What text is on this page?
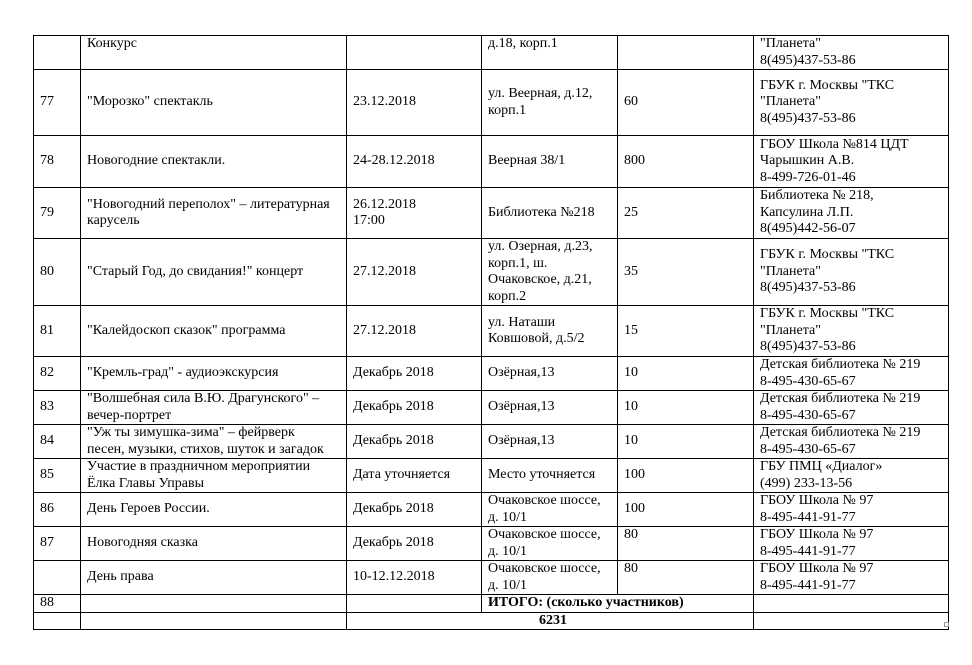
	Конкурс		д.18, корп.1		"Планета"
8(495)437-53-86
77	"Морозко" спектакль	23.12.2018	ул. Веерная, д.12,
корп.1	60	ГБУК г. Москвы "ТКС
"Планета"
8(495)437-53-86
78	Новогодние спектакли.	24-28.12.2018	Веерная 38/1	800	ГБОУ Школа №814 ЦДТ
Чарышкин А.В.
8-499-726-01-46
79	"Новогодний переполох" – литературная
карусель	26.12.2018
17:00	Библиотека №218	25	Библиотека № 218,
Капсулина Л.П.
8(495)442-56-07
80	"Старый Год, до свидания!" концерт	27.12.2018	ул. Озерная, д.23,
корп.1, ш.
Очаковское, д.21,
корп.2	35	ГБУК г. Москвы "ТКС
"Планета"
8(495)437-53-86
81	"Калейдоскоп сказок" программа	27.12.2018	ул. Наташи
Ковшовой, д.5/2	15	ГБУК г. Москвы "ТКС
"Планета"
8(495)437-53-86
82	"Кремль-град" - аудиоэкскурсия	Декабрь 2018	Озёрная,13	10	Детская библиотека № 219
8-495-430-65-67
83	"Волшебная сила В.Ю. Драгунского" –
вечер-портрет	Декабрь 2018	Озёрная,13	10	Детская библиотека № 219
8-495-430-65-67
84	"Уж ты зимушка-зима" – фейрверк
песен, музыки, стихов, шуток и загадок	Декабрь 2018	Озёрная,13	10	Детская библиотека № 219
8-495-430-65-67
85	Участие в праздничном мероприятии
Ёлка Главы Управы	Дата уточняется	Место уточняется	100	ГБУ ПМЦ «Диалог»
(499) 233-13-56
86	День Героев России.	Декабрь 2018	Очаковское шоссе,
д. 10/1	100	ГБОУ Школа № 97
8-495-441-91-77
87	Новогодняя сказка	Декабрь 2018	Очаковское шоссе,
д. 10/1	80	ГБОУ Школа № 97
8-495-441-91-77
	День права	10-12.12.2018	Очаковское шоссе,
д. 10/1	80	ГБОУ Школа № 97
8-495-441-91-77
88			ИТОГО: (сколько участников)		
		6231			
